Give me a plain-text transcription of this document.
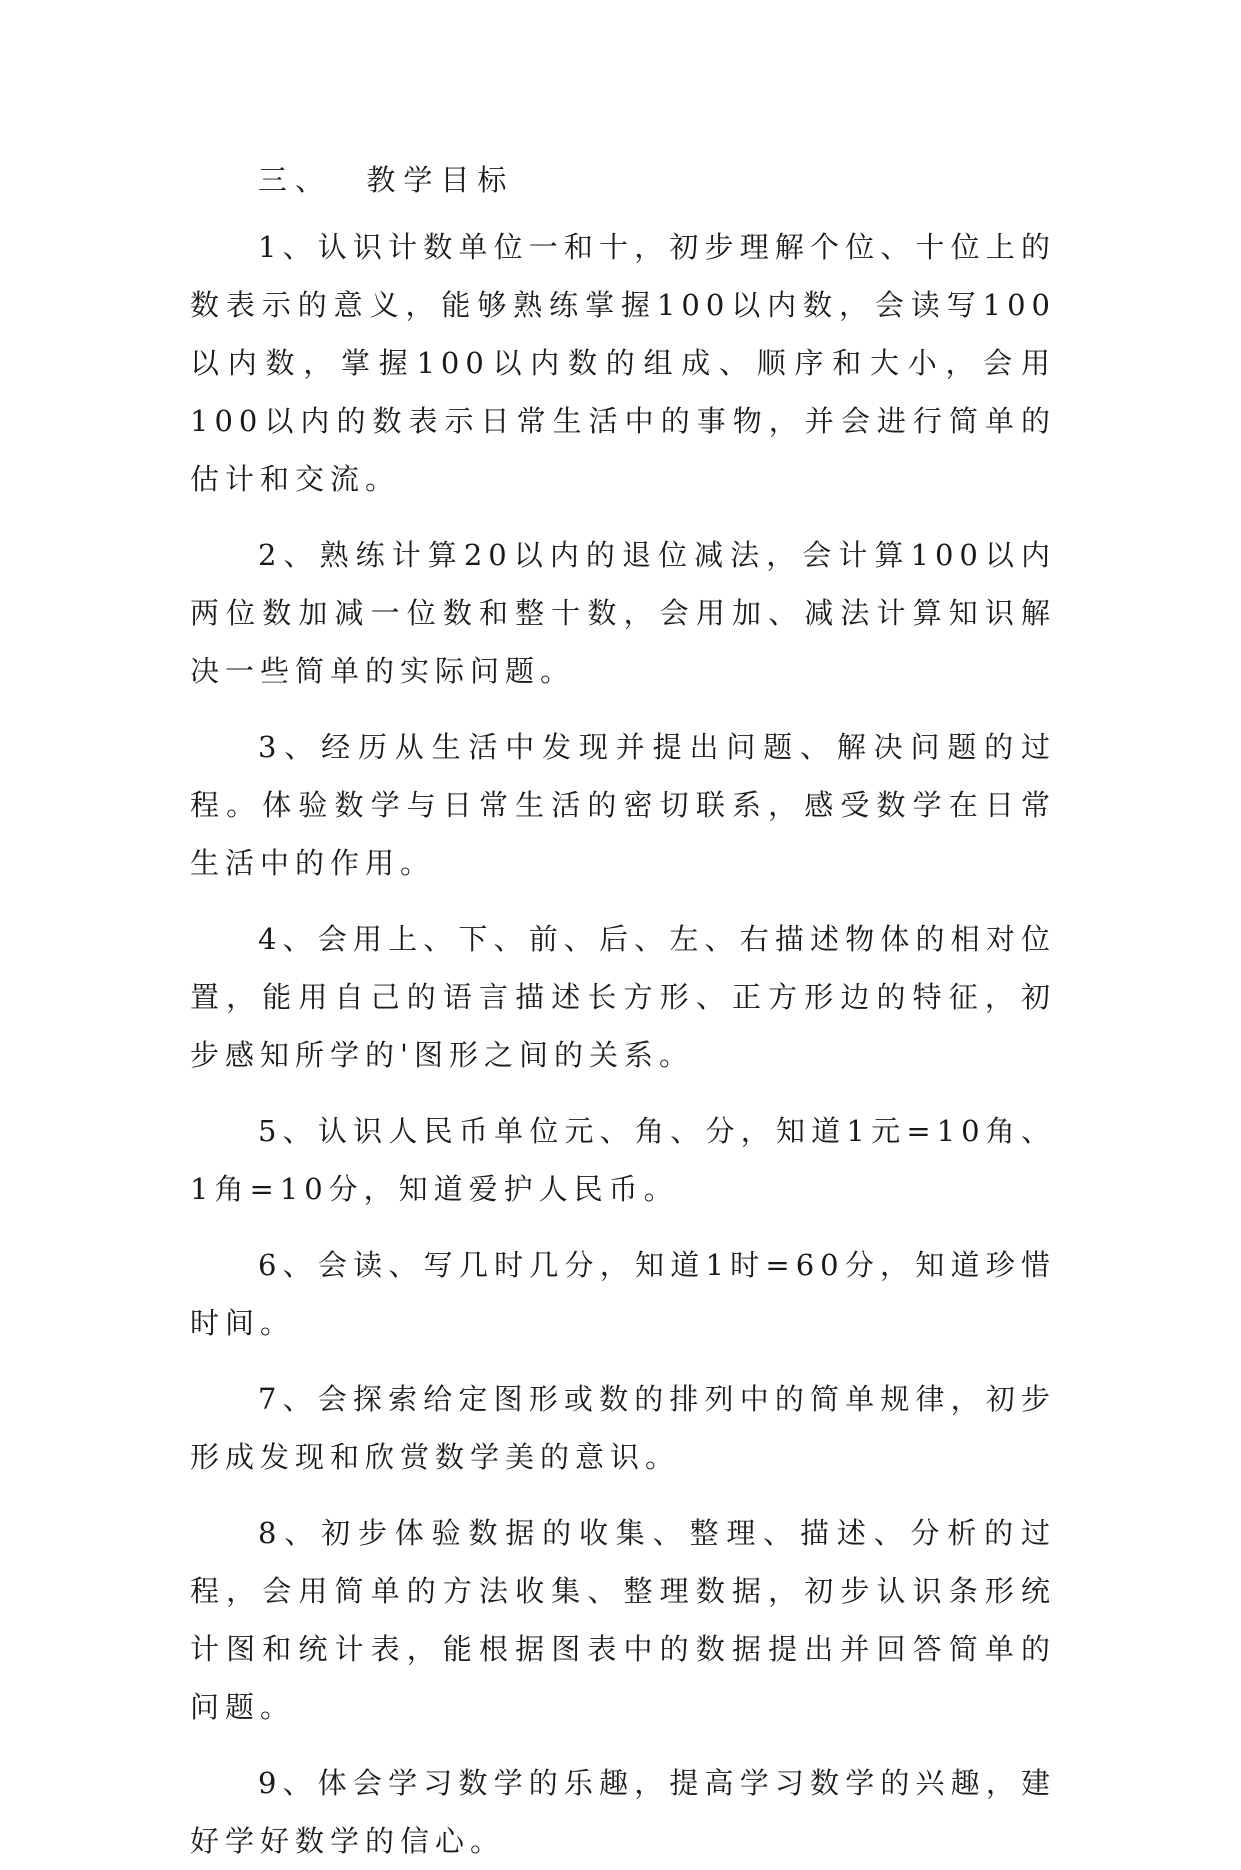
三、  教学目标

1、认识计数单位一和十，初步理解个位、十位上的数表示的意义，能够熟练掌握100以内数，会读写100以内数，掌握100以内数的组成、顺序和大小，会用100以内的数表示日常生活中的事物，并会进行简单的估计和交流。

2、熟练计算20以内的退位减法，会计算100以内两位数加减一位数和整十数，会用加、减法计算知识解决一些简单的实际问题。

3、经历从生活中发现并提出问题、解决问题的过程。体验数学与日常生活的密切联系，感受数学在日常生活中的作用。

4、会用上、下、前、后、左、右描述物体的相对位置，能用自己的语言描述长方形、正方形边的特征，初步感知所学的'图形之间的关系。

5、认识人民币单位元、角、分，知道1元=10角、1角=10分，知道爱护人民币。

6、会读、写几时几分，知道1时=60分，知道珍惜时间。

7、会探索给定图形或数的排列中的简单规律，初步形成发现和欣赏数学美的意识。

8、初步体验数据的收集、整理、描述、分析的过程，会用简单的方法收集、整理数据，初步认识条形统计图和统计表，能根据图表中的数据提出并回答简单的问题。

9、体会学习数学的乐趣，提高学习数学的兴趣，建好学好数学的信心。
